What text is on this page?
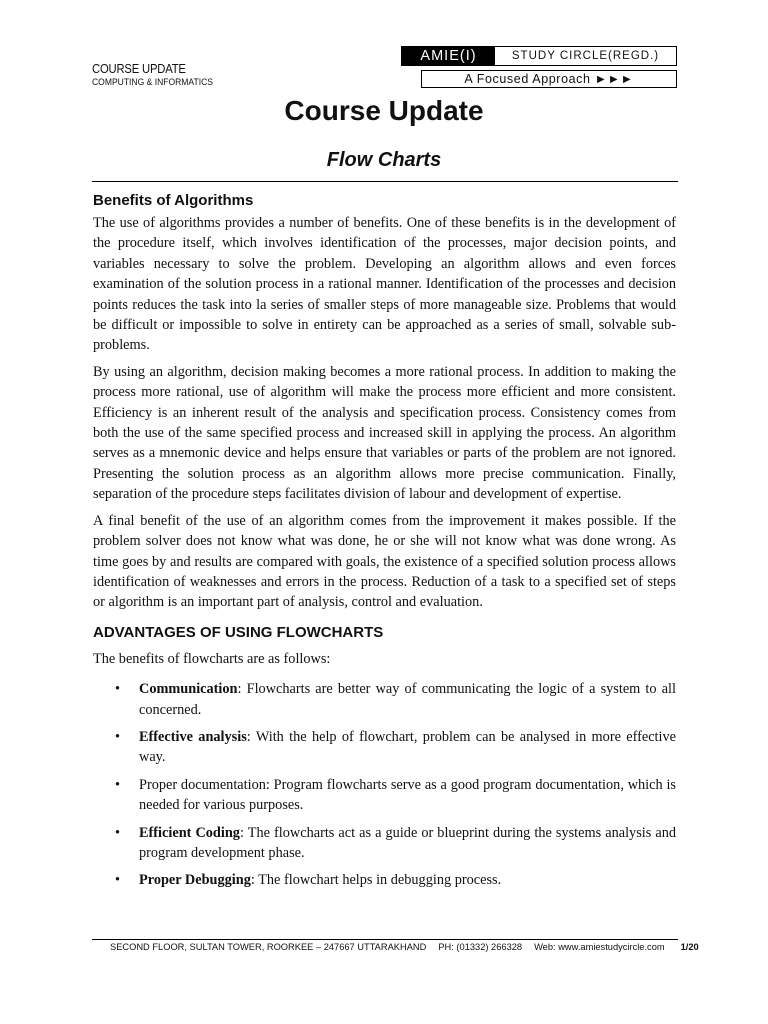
COURSE UPDATE
COMPUTING & INFORMATICS
AMIE(I)	STUDY CIRCLE(REGD.)
A Focused Approach ►►►
Course Update
Flow Charts
Benefits of Algorithms

The use of algorithms provides a number of benefits. One of these benefits is in the development of the procedure itself, which involves identification of the processes, major decision points, and variables necessary to solve the problem. Developing an algorithm allows and even forces examination of the solution process in a rational manner. Identification of the processes and decision points reduces the task into la series of smaller steps of more manageable size. Problems that would be difficult or impossible to solve in entirety can be approached as a series of small, solvable sub-problems.

By using an algorithm, decision making becomes a more rational process. In addition to making the process more rational, use of algorithm will make the process more efficient and more consistent. Efficiency is an inherent result of the analysis and specification process. Consistency comes from both the use of the same specified process and increased skill in applying the process. An algorithm serves as a mnemonic device and helps ensure that variables or parts of the problem are not ignored. Presenting the solution process as an algorithm allows more precise communication. Finally, separation of the procedure steps facilitates division of labour and development of expertise.

A final benefit of the use of an algorithm comes from the improvement it makes possible. If the problem solver does not know what was done, he or she will not know what was done wrong. As time goes by and results are compared with goals, the existence of a specified solution process allows identification of weaknesses and errors in the process. Reduction of a task to a specified set of steps or algorithm is an important part of analysis, control and evaluation.

ADVANTAGES OF USING FLOWCHARTS

The benefits of flowcharts are as follows:

• Communication: Flowcharts are better way of communicating the logic of a system to all concerned.
• Effective analysis: With the help of flowchart, problem can be analysed in more effective way.
• Proper documentation: Program flowcharts serve as a good program documentation, which is needed for various purposes.
• Efficient Coding: The flowcharts act as a guide or blueprint during the systems analysis and program development phase.
• Proper Debugging: The flowchart helps in debugging process.
SECOND FLOOR, SULTAN TOWER, ROORKEE – 247667 UTTARAKHAND PH: (01332) 266328 Web: www.amiestudycircle.com 1/20
